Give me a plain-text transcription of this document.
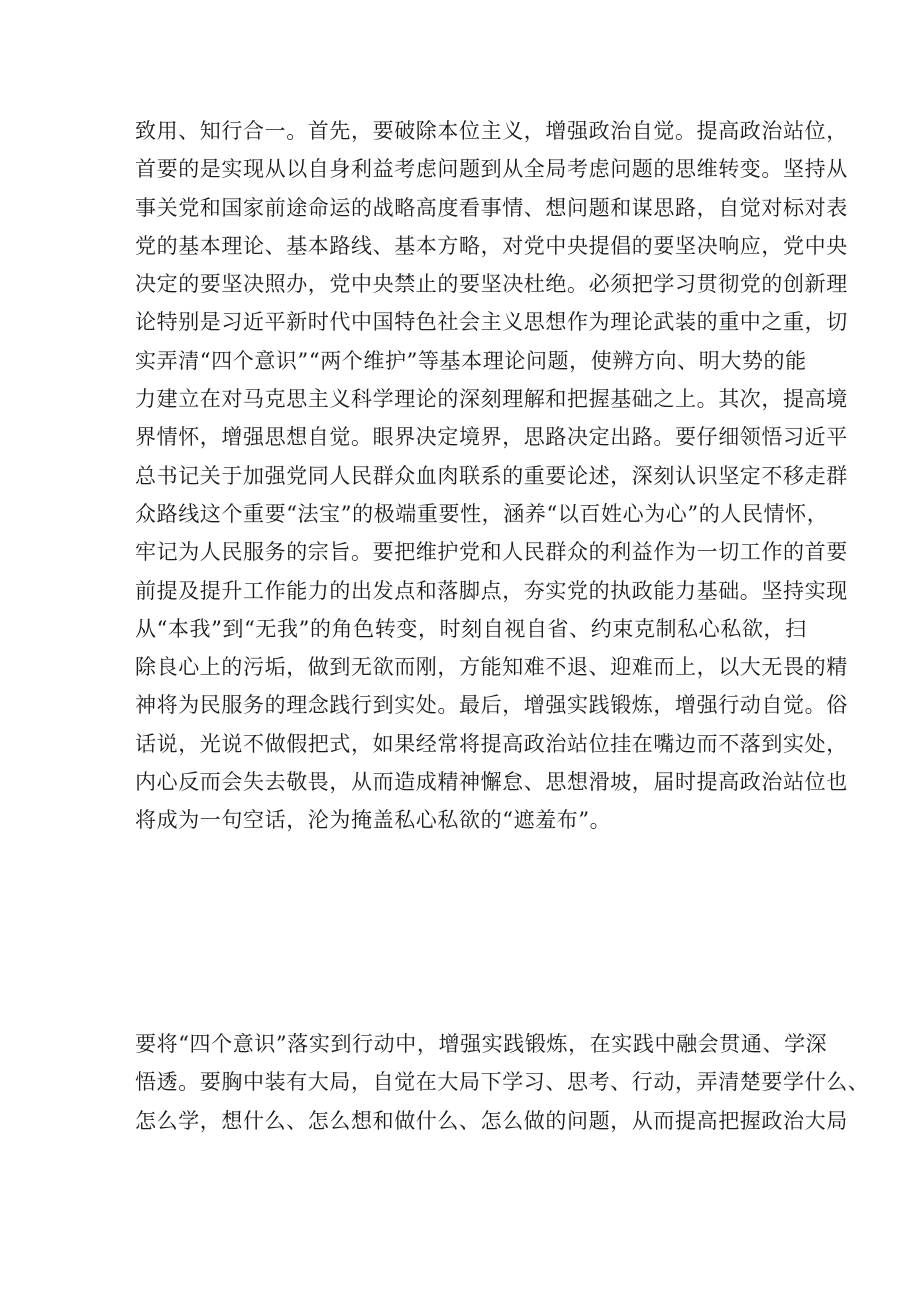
致用、知行合一。首先，要破除本位主义，增强政治自觉。提高政治站位，
首要的是实现从以自身利益考虑问题到从全局考虑问题的思维转变。坚持从
事关党和国家前途命运的战略高度看事情、想问题和谋思路，自觉对标对表
党的基本理论、基本路线、基本方略，对党中央提倡的要坚决响应，党中央
决定的要坚决照办，党中央禁止的要坚决杜绝。必须把学习贯彻党的创新理
论特别是习近平新时代中国特色社会主义思想作为理论武装的重中之重，切
实弄清“四个意识”“两个维护”等基本理论问题，使辨方向、明大势的能
力建立在对马克思主义科学理论的深刻理解和把握基础之上。其次，提高境
界情怀，增强思想自觉。眼界决定境界，思路决定出路。要仔细领悟习近平
总书记关于加强党同人民群众血肉联系的重要论述，深刻认识坚定不移走群
众路线这个重要“法宝”的极端重要性，涵养“以百姓心为心”的人民情怀，
牢记为人民服务的宗旨。要把维护党和人民群众的利益作为一切工作的首要
前提及提升工作能力的出发点和落脚点，夯实党的执政能力基础。坚持实现
从“本我”到“无我”的角色转变，时刻自视自省、约束克制私心私欲，扫
除良心上的污垢，做到无欲而刚，方能知难不退、迎难而上，以大无畏的精
神将为民服务的理念践行到实处。最后，增强实践锻炼，增强行动自觉。俗
话说，光说不做假把式，如果经常将提高政治站位挂在嘴边而不落到实处，
内心反而会失去敬畏，从而造成精神懈怠、思想滑坡，届时提高政治站位也
将成为一句空话，沦为掩盖私心私欲的“遮羞布”。
要将“四个意识”落实到行动中，增强实践锻炼，在实践中融会贯通、学深
悟透。要胸中装有大局，自觉在大局下学习、思考、行动，弄清楚要学什么、
怎么学，想什么、怎么想和做什么、怎么做的问题，从而提高把握政治大局
